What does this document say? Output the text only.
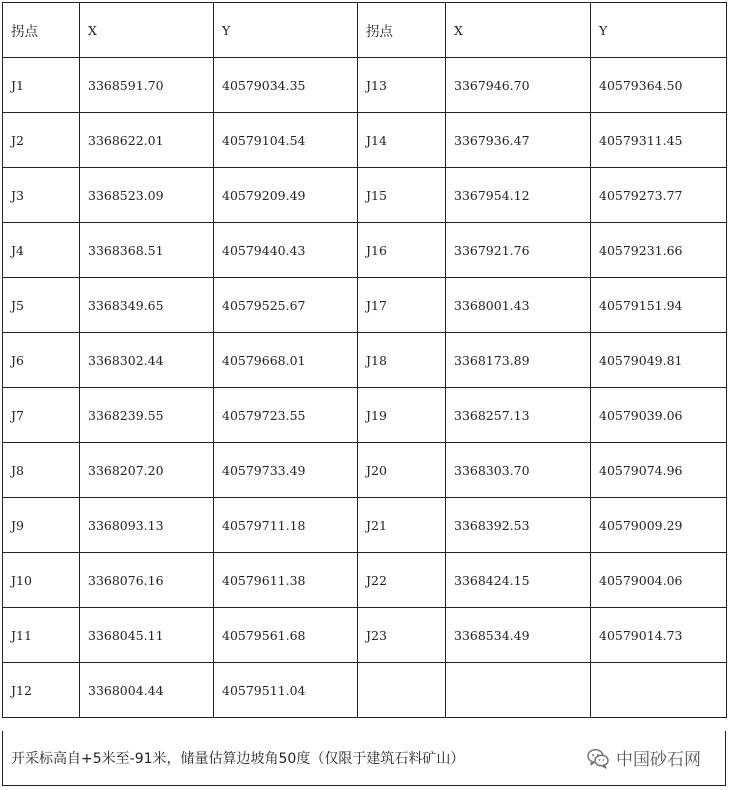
拐点	X	Y	拐点	X	Y
J1	3368591.70	40579034.35	J13	3367946.70	40579364.50
J2	3368622.01	40579104.54	J14	3367936.47	40579311.45
J3	3368523.09	40579209.49	J15	3367954.12	40579273.77
J4	3368368.51	40579440.43	J16	3367921.76	40579231.66
J5	3368349.65	40579525.67	J17	3368001.43	40579151.94
J6	3368302.44	40579668.01	J18	3368173.89	40579049.81
J7	3368239.55	40579723.55	J19	3368257.13	40579039.06
J8	3368207.20	40579733.49	J20	3368303.70	40579074.96
J9	3368093.13	40579711.18	J21	3368392.53	40579009.29
J10	3368076.16	40579611.38	J22	3368424.15	40579004.06
J11	3368045.11	40579561.68	J23	3368534.49	40579014.73
J12	3368004.44	40579511.04			
开采标高自+5米至-91米，储量估算边坡角50度（仅限于建筑石料矿山）	中国砂石网
